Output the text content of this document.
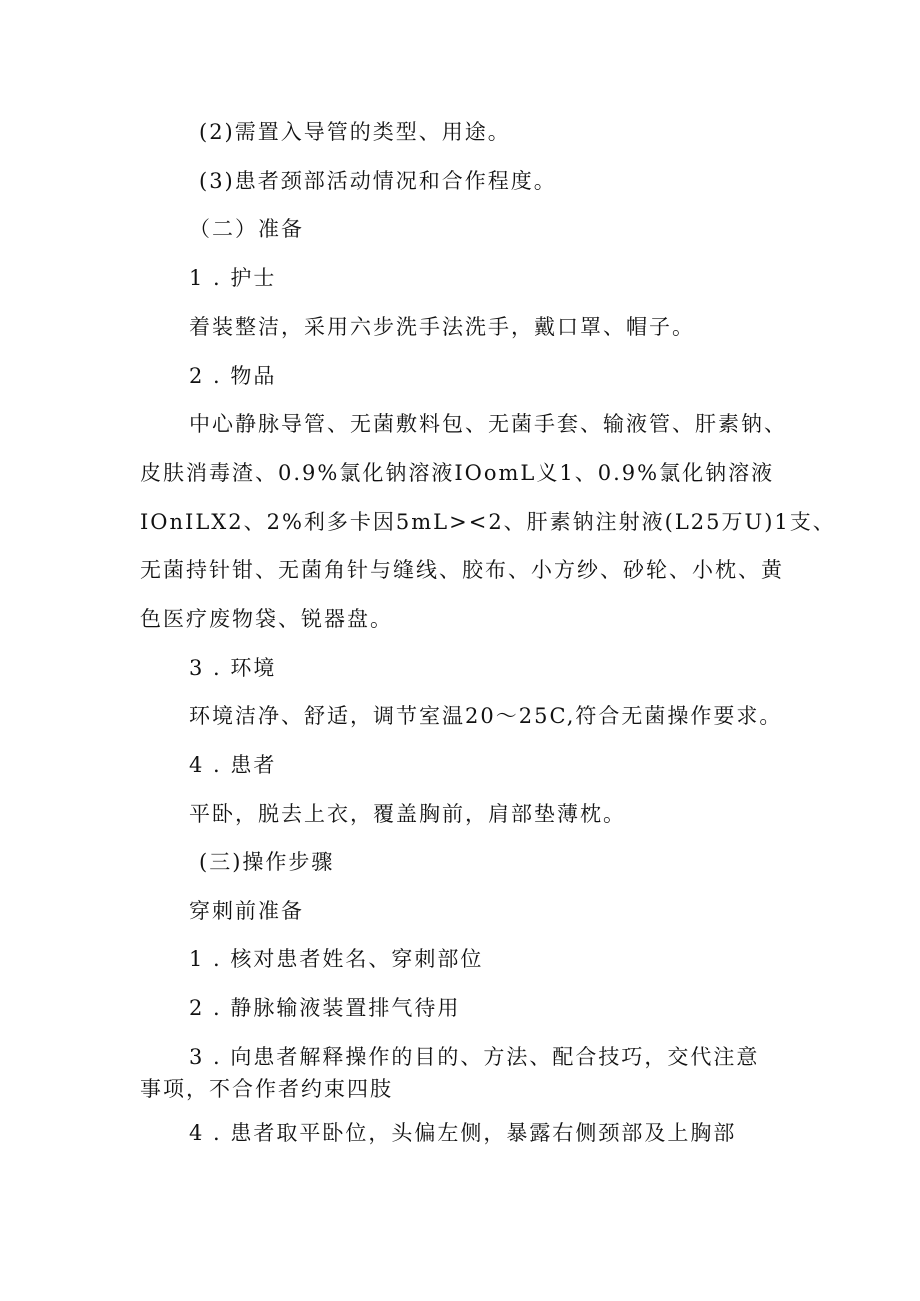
(2)需置入导管的类型、用途。
(3)患者颈部活动情况和合作程度。
（二）准备
1 . 护士
着装整洁，采用六步洗手法洗手，戴口罩、帽子。
2 . 物品
中心静脉导管、无菌敷料包、无菌手套、输液管、肝素钠、
皮肤消毒渣、0.9%氯化钠溶液IOomL义1、0.9%氯化钠溶液
IOnILX2、2%利多卡因5mL><2、肝素钠注射液(L25万U)1支、
无菌持针钳、无菌角针与缝线、胶布、小方纱、砂轮、小枕、黄
色医疗废物袋、锐器盘。
3 . 环境
环境洁净、舒适，调节室温20～25C,符合无菌操作要求。
4 . 患者
平卧，脱去上衣，覆盖胸前，肩部垫薄枕。
(三)操作步骤
穿刺前准备
1 . 核对患者姓名、穿刺部位
2 . 静脉输液装置排气待用
3 . 向患者解释操作的目的、方法、配合技巧，交代注意
事项，不合作者约束四肢
4 . 患者取平卧位，头偏左侧，暴露右侧颈部及上胸部
